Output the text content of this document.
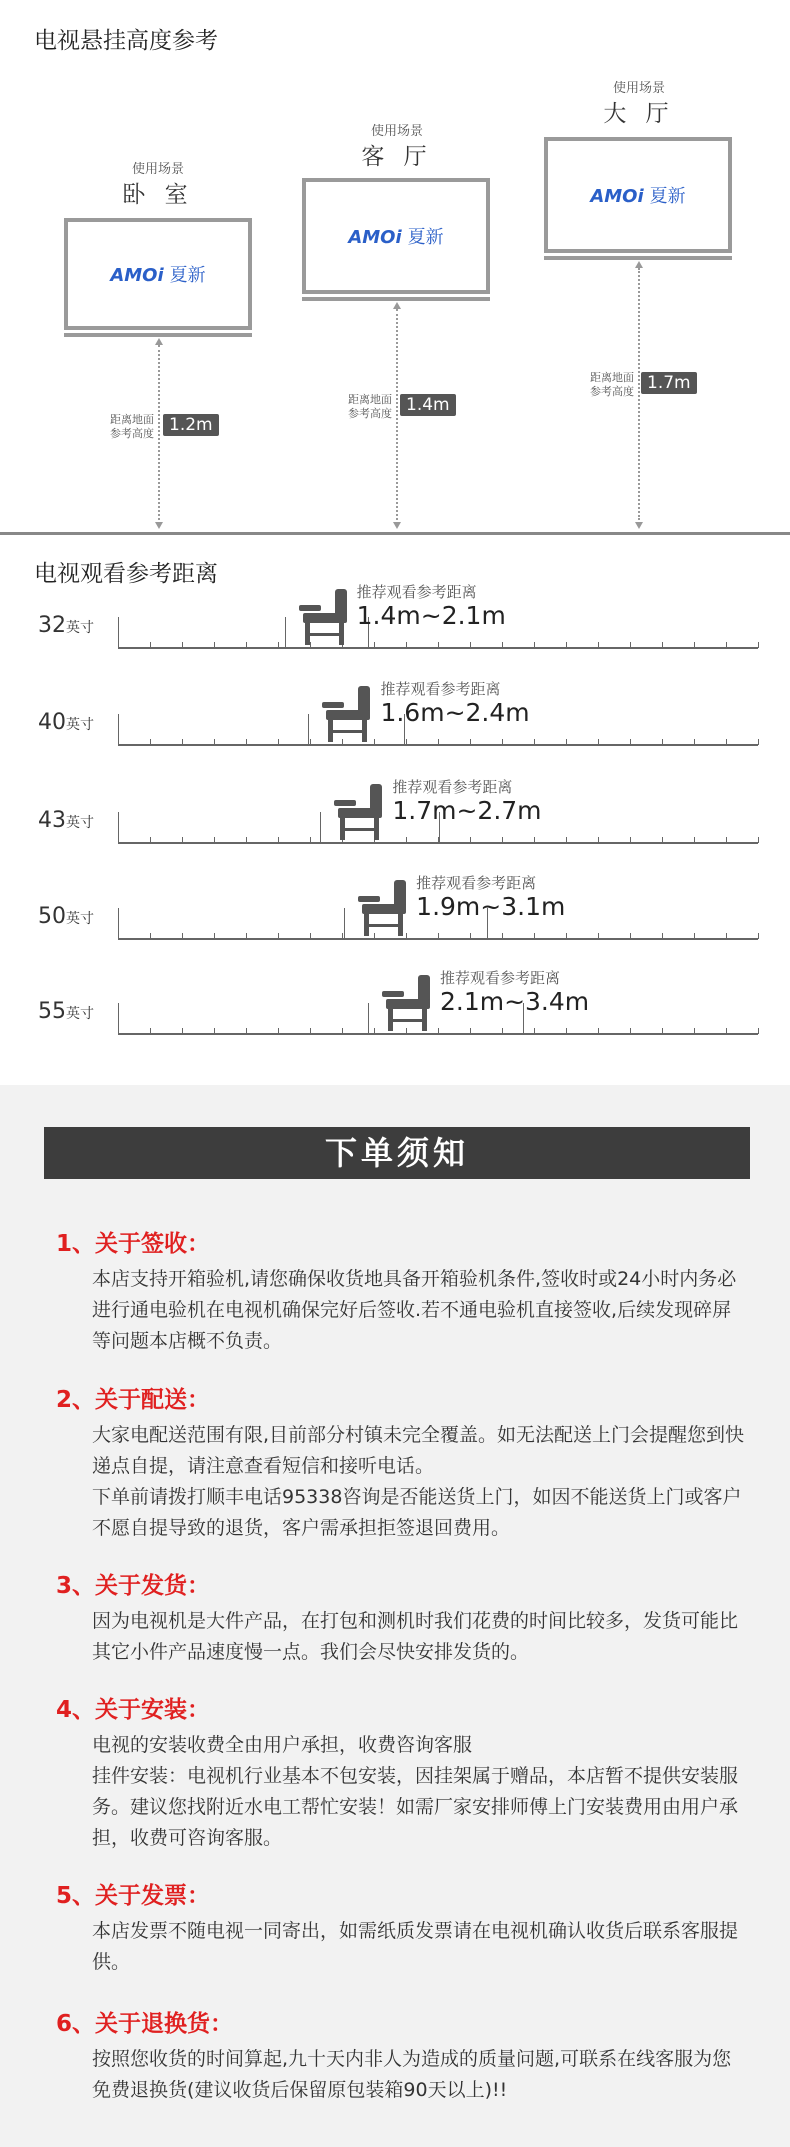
电视悬挂高度参考
使用场景
卧 室
AMOi 夏新
距离地面
参考高度 1.2m
使用场景
客 厅
AMOi 夏新
距离地面
参考高度 1.4m
使用场景
大 厅
AMOi 夏新
距离地面
参考高度 1.7m
电视观看参考距离
32英寸
推荐观看参考距离
1.4m~2.1m
40英寸
推荐观看参考距离
1.6m~2.4m
43英寸
推荐观看参考距离
1.7m~2.7m
50英寸
推荐观看参考距离
1.9m~3.1m
55英寸
推荐观看参考距离
2.1m~3.4m
下单须知
1、关于签收：

本店支持开箱验机,请您确保收货地具备开箱验机条件,签收时或24小时内务必进行通电验机在电视机确保完好后签收.若不通电验机直接签收,后续发现碎屏等问题本店概不负责。

2、关于配送：

大家电配送范围有限,目前部分村镇未完全覆盖。如无法配送上门会提醒您到快递点自提，请注意查看短信和接听电话。

下单前请拨打顺丰电话95338咨询是否能送货上门，如因不能送货上门或客户不愿自提导致的退货，客户需承担拒签退回费用。

3、关于发货：

因为电视机是大件产品，在打包和测机时我们花费的时间比较多，发货可能比其它小件产品速度慢一点。我们会尽快安排发货的。

4、关于安装：

电视的安装收费全由用户承担，收费咨询客服

挂件安装：电视机行业基本不包安装，因挂架属于赠品，本店暂不提供安装服务。建议您找附近水电工帮忙安装！如需厂家安排师傅上门安装费用由用户承担，收费可咨询客服。

5、关于发票：

本店发票不随电视一同寄出，如需纸质发票请在电视机确认收货后联系客服提供。

6、关于退换货：

按照您收货的时间算起,九十天内非人为造成的质量问题,可联系在线客服为您免费退换货(建议收货后保留原包装箱90天以上)!!
